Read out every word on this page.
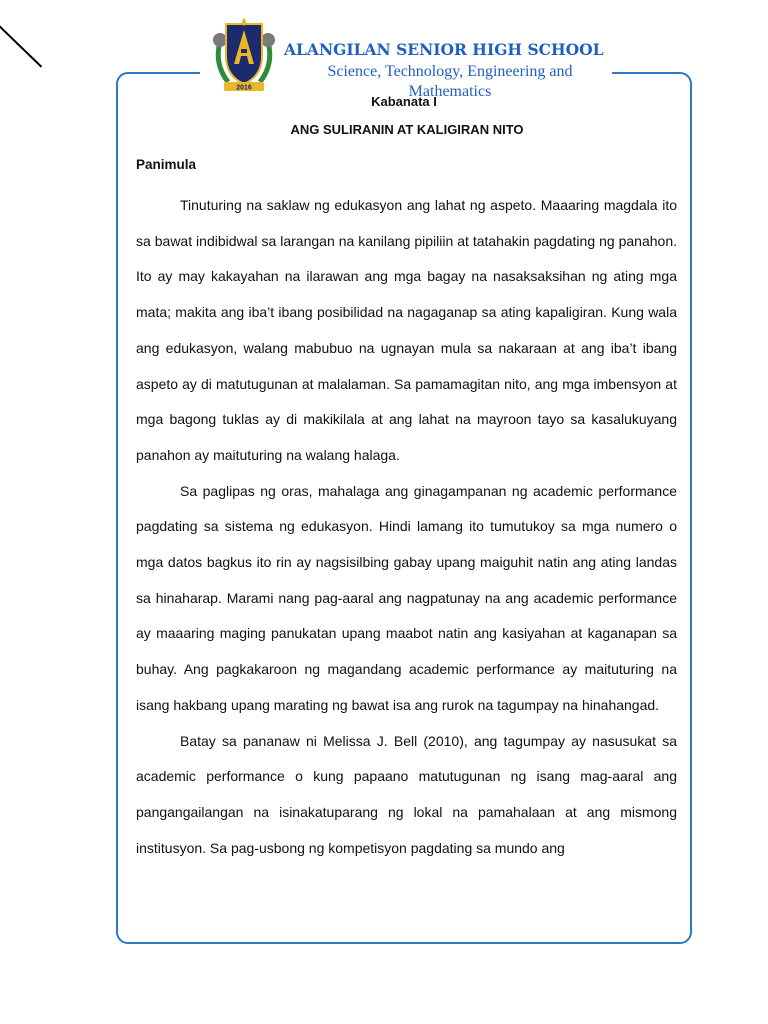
2016
ALANGILAN SENIOR HIGH SCHOOL
Science, Technology, Engineering and
Mathematics
Kabanata I
ANG SULIRANIN AT KALIGIRAN NITO
Panimula

Tinuturing na saklaw ng edukasyon ang lahat ng aspeto. Maaaring magdala ito sa bawat indibidwal sa larangan na kanilang pipiliin at tatahakin pagdating ng panahon. Ito ay may kakayahan na ilarawan ang mga bagay na nasaksaksihan ng ating mga mata; makita ang iba’t ibang posibilidad na nagaganap sa ating kapaligiran. Kung wala ang edukasyon, walang mabubuo na ugnayan mula sa nakaraan at ang iba’t ibang aspeto ay di matutugunan at malalaman. Sa pamamagitan nito, ang mga imbensyon at mga bagong tuklas ay di makikilala at ang lahat na mayroon tayo sa kasalukuyang panahon ay maituturing na walang halaga.

Sa paglipas ng oras, mahalaga ang ginagampanan ng academic performance pagdating sa sistema ng edukasyon. Hindi lamang ito tumutukoy sa mga numero o mga datos bagkus ito rin ay nagsisilbing gabay upang maiguhit natin ang ating landas sa hinaharap. Marami nang pag-aaral ang nagpatunay na ang academic performance ay maaaring maging panukatan upang maabot natin ang kasiyahan at kaganapan sa buhay. Ang pagkakaroon ng magandang academic performance ay maituturing na isang hakbang upang marating ng bawat isa ang rurok na tagumpay na hinahangad.

Batay sa pananaw ni Melissa J. Bell (2010), ang tagumpay ay nasusukat sa academic performance o kung papaano matutugunan ng isang mag-aaral ang pangangailangan na isinakatuparang ng lokal na pamahalaan at ang mismong institusyon. Sa pag-usbong ng kompetisyon pagdating sa mundo ang
